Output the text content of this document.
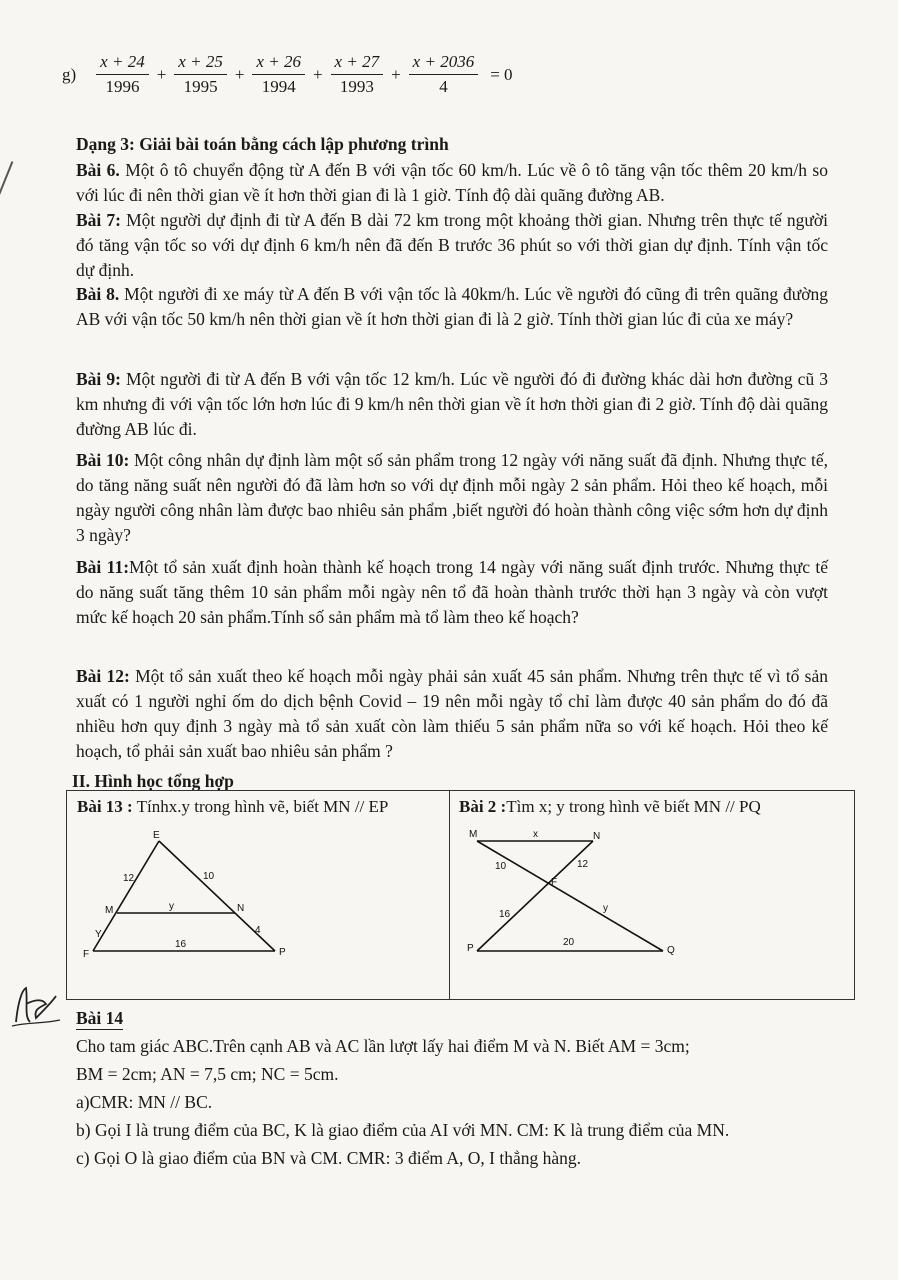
$g) \frac{x + 24}{1996} + \frac{x + 25}{1995} + \frac{x + 26}{1994} + \frac{x + 27}{1993} + \frac{x + 2036}{4} = 0$
Dạng 3: Giải bài toán bằng cách lập phương trình
Bài 6. Một ô tô chuyển động từ A đến B với vận tốc 60 km/h. Lúc về ô tô tăng vận tốc thêm 20 km/h so với lúc đi nên thời gian về ít hơn thời gian đi là 1 giờ. Tính độ dài quãng đường AB.
Bài 7: Một người dự định đi từ A đến B dài 72 km trong một khoảng thời gian. Nhưng trên thực tế người đó tăng vận tốc so với dự định 6 km/h nên đã đến B trước 36 phút so với thời gian dự định. Tính vận tốc dự định.
Bài 8. Một người đi xe máy từ A đến B với vận tốc là 40km/h. Lúc về người đó cũng đi trên quãng đường AB với vận tốc 50 km/h nên thời gian về ít hơn thời gian đi là 2 giờ. Tính thời gian lúc đi của xe máy?
Bài 9: Một người đi từ A đến B với vận tốc 12 km/h. Lúc về người đó đi đường khác dài hơn đường cũ 3 km nhưng đi với vận tốc lớn hơn lúc đi 9 km/h nên thời gian về ít hơn thời gian đi 2 giờ. Tính độ dài quãng đường AB lúc đi.
Bài 10: Một công nhân dự định làm một số sản phẩm trong 12 ngày với năng suất đã định. Nhưng thực tế, do tăng năng suất nên người đó đã làm hơn so với dự định mỗi ngày 2 sản phẩm. Hỏi theo kế hoạch, mỗi ngày người công nhân làm được bao nhiêu sản phẩm ,biết người đó hoàn thành công việc sớm hơn dự định 3 ngày?
Bài 11:Một tổ sản xuất định hoàn thành kế hoạch trong 14 ngày với năng suất định trước. Nhưng thực tế do năng suất tăng thêm 10 sản phẩm mỗi ngày nên tổ đã hoàn thành trước thời hạn 3 ngày và còn vượt mức kế hoạch 20 sản phẩm.Tính số sản phẩm mà tổ làm theo kế hoạch?
Bài 12: Một tổ sản xuất theo kế hoạch mỗi ngày phải sản xuất 45 sản phẩm. Nhưng trên thực tế vì tổ sản xuất có 1 người nghỉ ốm do dịch bệnh Covid – 19 nên mỗi ngày tổ chỉ làm được 40 sản phẩm do đó đã nhiều hơn quy định 3 ngày mà tổ sản xuất còn làm thiếu 5 sản phẩm nữa so với kế hoạch. Hỏi theo kế hoạch, tổ phải sản xuất bao nhiêu sản phẩm ?
II. Hình học tổng hợp
Bài 13 : Tínhx.y trong hình vẽ, biết MN // EP	Bài 2 :Tìm x; y trong hình vẽ biết MN // PQ
E
M	N
F	P
12	10
y
4
Y
16
M	N
F
P	Q
x
12
10
16
y
20
Bài 14
Cho tam giác ABC.Trên cạnh AB và AC lần lượt lấy hai điểm M và N. Biết AM = 3cm;
BM = 2cm; AN = 7,5 cm; NC = 5cm.
a)CMR: MN // BC.
b) Gọi I là trung điểm của BC, K là giao điểm của AI với MN. CM: K là trung điểm của MN.
c) Gọi O là giao điểm của BN và CM. CMR: 3 điểm A, O, I thẳng hàng.
